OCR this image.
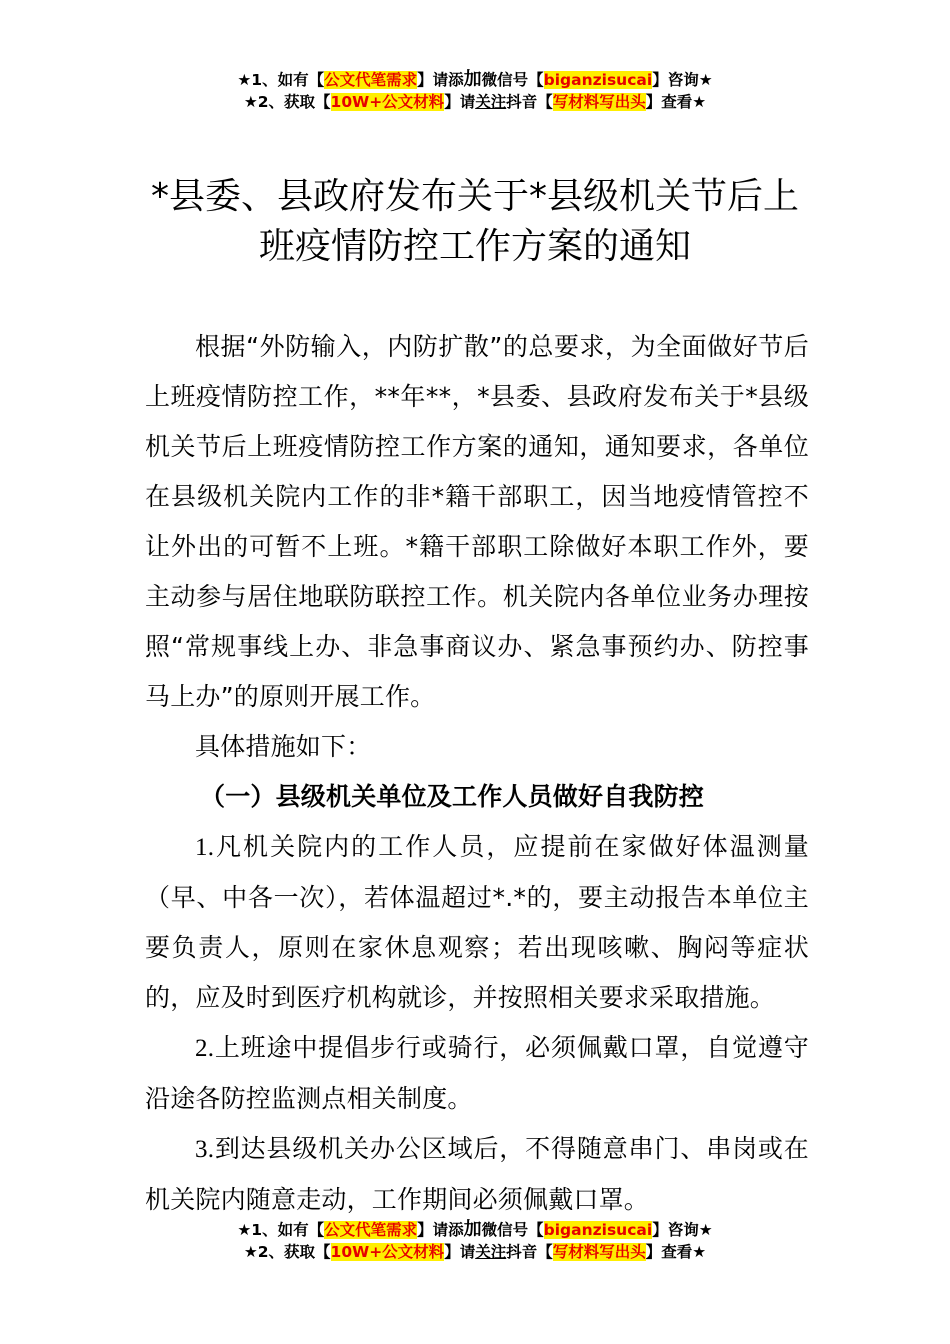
★1、如有【公文代笔需求】请添加微信号【biganzisucai】咨询★
★2、获取【10W+公文材料】请关注抖音【写材料写出头】查看★
*县委、县政府发布关于*县级机关节后上
班疫情防控工作方案的通知

根据“外防输入，内防扩散”的总要求，为全面做好节后上班疫情防控工作，**年**，*县委、县政府发布关于*县级机关节后上班疫情防控工作方案的通知，通知要求，各单位在县级机关院内工作的非*籍干部职工，因当地疫情管控不让外出的可暂不上班。*籍干部职工除做好本职工作外，要主动参与居住地联防联控工作。机关院内各单位业务办理按照“常规事线上办、非急事商议办、紧急事预约办、防控事马上办”的原则开展工作。

具体措施如下：

（一）县级机关单位及工作人员做好自我防控

1.凡机关院内的工作人员，应提前在家做好体温测量（早、中各一次），若体温超过*.*的，要主动报告本单位主要负责人，原则在家休息观察；若出现咳嗽、胸闷等症状的，应及时到医疗机构就诊，并按照相关要求采取措施。

2.上班途中提倡步行或骑行，必须佩戴口罩，自觉遵守沿途各防控监测点相关制度。

3.到达县级机关办公区域后，不得随意串门、串岗或在机关院内随意走动，工作期间必须佩戴口罩。

★1、如有【公文代笔需求】请添加微信号【biganzisucai】咨询★
★2、获取【10W+公文材料】请关注抖音【写材料写出头】查看★
